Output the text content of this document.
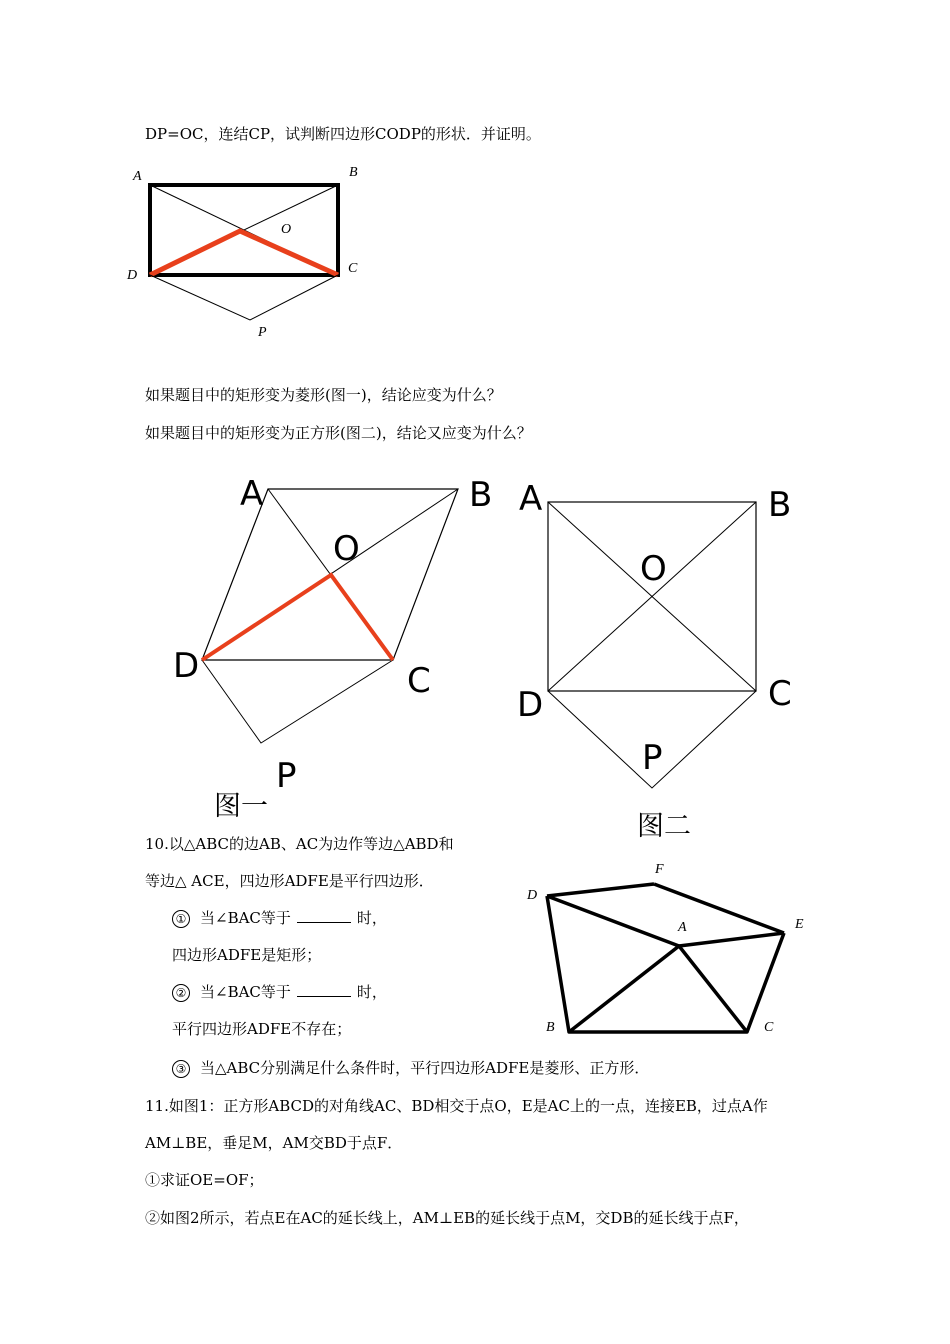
DP=OC，连结CP，试判断四边形CODP的形状．并证明。
如果题目中的矩形变为菱形(图一)，结论应变为什么？
如果题目中的矩形变为正方形(图二)，结论又应变为什么？
10.以△ABC的边AB、AC为边作等边△ABD和
等边△ ACE，四边形ADFE是平行四边形．
① 当∠BAC等于	时，
四边形ADFE是矩形；
② 当∠BAC等于	时，
平行四边形ADFE不存在；
③ 当△ABC分别满足什么条件时，平行四边形ADFE是菱形、正方形．
11.如图1：正方形ABCD的对角线AC、BD相交于点O，E是AC上的一点，连接EB，过点A作
AM⊥BE，垂足M，AM交BD于点F．
①求证OE=OF；
②如图2所示，若点E在AC的延长线上，AM⊥EB的延长线于点M，交DB的延长线于点F，
A	B
O
C
D
P
A	B
O
C
D
P
图一
A	B
O
C
D
P
图二
D
F
A	E
B	C
